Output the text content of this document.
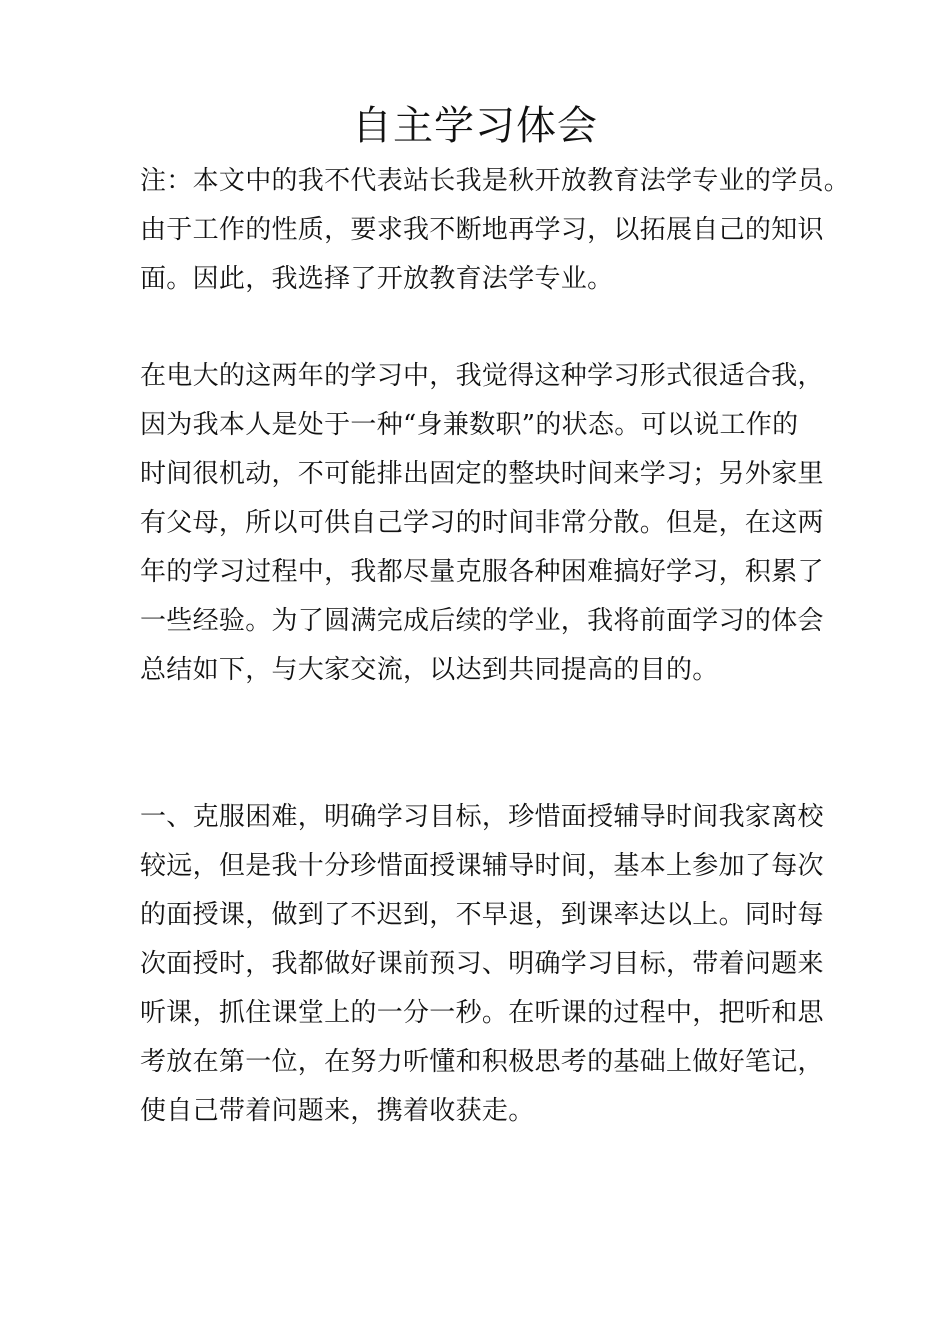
自主学习体会
注：本文中的我不代表站长我是秋开放教育法学专业的学员。
由于工作的性质，要求我不断地再学习，以拓展自己的知识
面。因此，我选择了开放教育法学专业。
在电大的这两年的学习中，我觉得这种学习形式很适合我，
因为我本人是处于一种“身兼数职”的状态。可以说工作的
时间很机动，不可能排出固定的整块时间来学习；另外家里
有父母，所以可供自己学习的时间非常分散。但是，在这两
年的学习过程中，我都尽量克服各种困难搞好学习，积累了
一些经验。为了圆满完成后续的学业，我将前面学习的体会
总结如下，与大家交流，以达到共同提高的目的。
一、克服困难，明确学习目标，珍惜面授辅导时间我家离校
较远，但是我十分珍惜面授课辅导时间，基本上参加了每次
的面授课，做到了不迟到，不早退，到课率达以上。同时每
次面授时，我都做好课前预习、明确学习目标，带着问题来
听课，抓住课堂上的一分一秒。在听课的过程中，把听和思
考放在第一位，在努力听懂和积极思考的基础上做好笔记，
使自己带着问题来，携着收获走。
